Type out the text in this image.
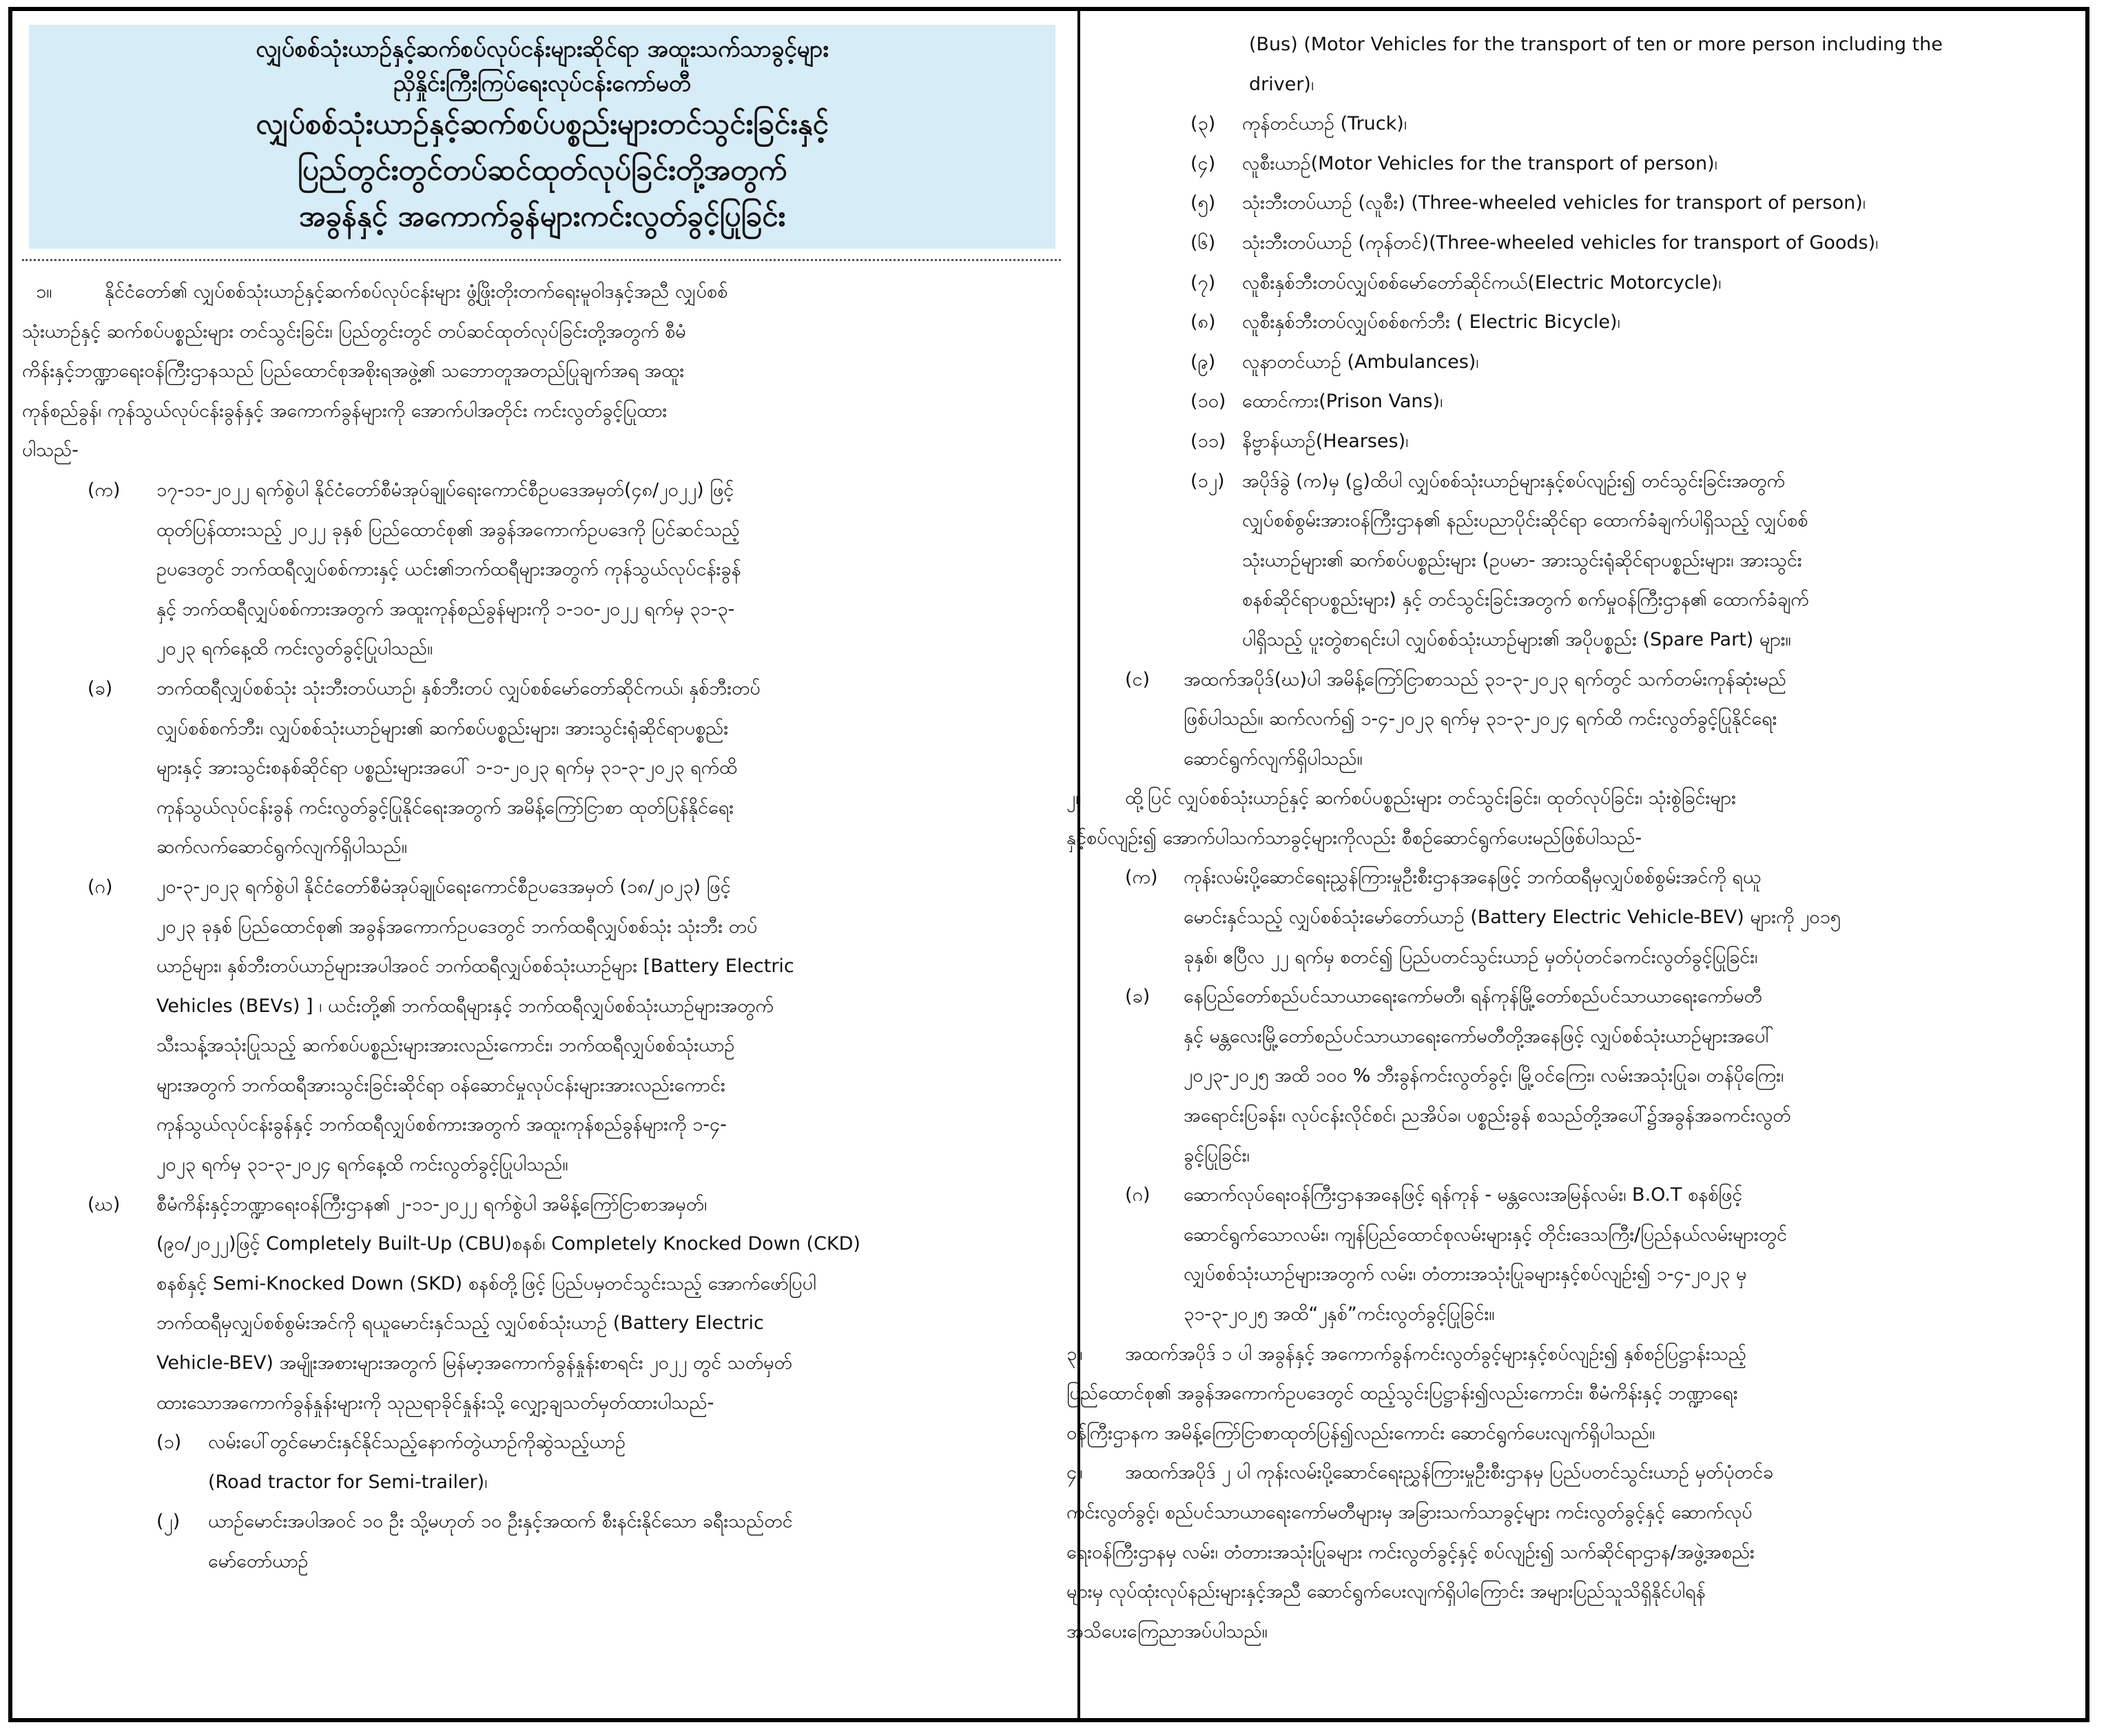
လျှပ်စစ်သုံးယာဉ်နှင့်ဆက်စပ်လုပ်ငန်းများဆိုင်ရာ အထူးသက်သာခွင့်များ
ညှိနှိုင်းကြီးကြပ်ရေးလုပ်ငန်းကော်မတီ
လျှပ်စစ်သုံးယာဉ်နှင့်ဆက်စပ်ပစ္စည်းများတင်သွင်းခြင်းနှင့်
ပြည်တွင်းတွင်တပ်ဆင်ထုတ်လုပ်ခြင်းတို့အတွက်
အခွန်နှင့် အကောက်ခွန်များကင်းလွတ်ခွင့်ပြုခြင်း
၁။	နိုင်ငံတော်၏ လျှပ်စစ်သုံးယာဉ်နှင့်ဆက်စပ်လုပ်ငန်းများ ဖွံ့ဖြိုးတိုးတက်ရေးမူဝါဒနှင့်အညီ လျှပ်စစ်
သုံးယာဉ်နှင့် ဆက်စပ်ပစ္စည်းများ တင်သွင်းခြင်း၊ ပြည်တွင်းတွင် တပ်ဆင်ထုတ်လုပ်ခြင်းတို့အတွက် စီမံ
ကိန်းနှင့်ဘဏ္ဍာရေးဝန်ကြီးဌာနသည် ပြည်ထောင်စုအစိုးရအဖွဲ့၏ သဘောတူအတည်ပြုချက်အရ အထူး
ကုန်စည်ခွန်၊ ကုန်သွယ်လုပ်ငန်းခွန်နှင့် အကောက်ခွန်များကို အောက်ပါအတိုင်း ကင်းလွတ်ခွင့်ပြုထား
ပါသည်-
(က) ၁၇-၁၁-၂၀၂၂ ရက်စွဲပါ နိုင်ငံတော်စီမံအုပ်ချုပ်ရေးကောင်စီဥပဒေအမှတ်(၄၈/၂၀၂၂) ဖြင့်
ထုတ်ပြန်ထားသည့် ၂၀၂၂ ခုနှစ် ပြည်ထောင်စု၏ အခွန်အကောက်ဥပဒေကို ပြင်ဆင်သည့်
ဥပဒေတွင် ဘက်ထရီလျှပ်စစ်ကားနှင့် ယင်း၏ဘက်ထရီများအတွက် ကုန်သွယ်လုပ်ငန်းခွန်
နှင့် ဘက်ထရီလျှပ်စစ်ကားအတွက် အထူးကုန်စည်ခွန်များကို ၁-၁၀-၂၀၂၂ ရက်မှ ၃၁-၃-
၂၀၂၃ ရက်နေ့ထိ ကင်းလွတ်ခွင့်ပြုပါသည်။
(ခ) ဘက်ထရီလျှပ်စစ်သုံး သုံးဘီးတပ်ယာဉ်၊ နှစ်ဘီးတပ် လျှပ်စစ်မော်တော်ဆိုင်ကယ်၊ နှစ်ဘီးတပ်
လျှပ်စစ်စက်ဘီး၊ လျှပ်စစ်သုံးယာဉ်များ၏ ဆက်စပ်ပစ္စည်းများ၊ အားသွင်းရုံဆိုင်ရာပစ္စည်း
များနှင့် အားသွင်းစနစ်ဆိုင်ရာ ပစ္စည်းများအပေါ် ၁-၁-၂၀၂၃ ရက်မှ ၃၁-၃-၂၀၂၃ ရက်ထိ
ကုန်သွယ်လုပ်ငန်းခွန် ကင်းလွတ်ခွင့်ပြုနိုင်ရေးအတွက် အမိန့်ကြော်ငြာစာ ထုတ်ပြန်နိုင်ရေး
ဆက်လက်ဆောင်ရွက်လျက်ရှိပါသည်။
(ဂ) ၂၀-၃-၂၀၂၃ ရက်စွဲပါ နိုင်ငံတော်စီမံအုပ်ချုပ်ရေးကောင်စီဥပဒေအမှတ် (၁၈/၂၀၂၃) ဖြင့်
၂၀၂၃ ခုနှစ် ပြည်ထောင်စု၏ အခွန်အကောက်ဥပဒေတွင် ဘက်ထရီလျှပ်စစ်သုံး သုံးဘီး တပ်
ယာဉ်များ၊ နှစ်ဘီးတပ်ယာဉ်များအပါအဝင် ဘက်ထရီလျှပ်စစ်သုံးယာဉ်များ [Battery Electric
Vehicles (BEVs) ] ၊ ယင်းတို့၏ ဘက်ထရီများနှင့် ဘက်ထရီလျှပ်စစ်သုံးယာဉ်များအတွက်
သီးသန့်အသုံးပြုသည့် ဆက်စပ်ပစ္စည်းများအားလည်းကောင်း၊ ဘက်ထရီလျှပ်စစ်သုံးယာဉ်
များအတွက် ဘက်ထရီအားသွင်းခြင်းဆိုင်ရာ ဝန်ဆောင်မှုလုပ်ငန်းများအားလည်းကောင်း
ကုန်သွယ်လုပ်ငန်းခွန်နှင့် ဘက်ထရီလျှပ်စစ်ကားအတွက် အထူးကုန်စည်ခွန်များကို ၁-၄-
၂၀၂၃ ရက်မှ ၃၁-၃-၂၀၂၄ ရက်နေ့ထိ ကင်းလွတ်ခွင့်ပြုပါသည်။
(ဃ) စီမံကိန်းနှင့်ဘဏ္ဍာရေးဝန်ကြီးဌာန၏ ၂-၁၁-၂၀၂၂ ရက်စွဲပါ အမိန့်ကြော်ငြာစာအမှတ်၊
(၉၀/၂၀၂၂)ဖြင့် Completely Built-Up (CBU)စနစ်၊ Completely Knocked Down (CKD)
စနစ်နှင့် Semi-Knocked Down (SKD) စနစ်တို့ဖြင့် ပြည်ပမှတင်သွင်းသည့် အောက်ဖော်ပြပါ
ဘက်ထရီမှလျှပ်စစ်စွမ်းအင်ကို ရယူမောင်းနှင်သည့် လျှပ်စစ်သုံးယာဉ် (Battery Electric
Vehicle-BEV) အမျိုးအစားများအတွက် မြန်မာ့အကောက်ခွန်နှုန်းစာရင်း ၂၀၂၂ တွင် သတ်မှတ်
ထားသောအကောက်ခွန်နှုန်းများကို သုညရာခိုင်နှုန်းသို့ လျှော့ချသတ်မှတ်ထားပါသည်-
(၁) လမ်းပေါ်တွင်မောင်းနှင်နိုင်သည့်နောက်တွဲယာဉ်ကိုဆွဲသည့်ယာဉ်
(Road tractor for Semi-trailer)၊
(၂) ယာဉ်မောင်းအပါအဝင် ၁၀ ဦး သို့မဟုတ် ၁၀ ဦးနှင့်အထက် စီးနင်းနိုင်သော ခရီးသည်တင်
မော်တော်ယာဉ်
(Bus) (Motor Vehicles for the transport of ten or more person including the
driver)၊
(၃) ကုန်တင်ယာဉ် (Truck)၊
(၄) လူစီးယာဉ်(Motor Vehicles for the transport of person)၊
(၅) သုံးဘီးတပ်ယာဉ် (လူစီး) (Three-wheeled vehicles for transport of person)၊
(၆) သုံးဘီးတပ်ယာဉ် (ကုန်တင်)(Three-wheeled vehicles for transport of Goods)၊
(၇) လူစီးနှစ်ဘီးတပ်လျှပ်စစ်မော်တော်ဆိုင်ကယ်(Electric Motorcycle)၊
(၈) လူစီးနှစ်ဘီးတပ်လျှပ်စစ်စက်ဘီး ( Electric Bicycle)၊
(၉) လူနာတင်ယာဉ် (Ambulances)၊
(၁၀) ထောင်ကား(Prison Vans)၊
(၁၁) နိဗ္ဗာန်ယာဉ်(Hearses)၊
(၁၂) အပိုဒ်ခွဲ (က)မှ (ဠ)ထိပါ လျှပ်စစ်သုံးယာဉ်များနှင့်စပ်လျဉ်း၍ တင်သွင်းခြင်းအတွက်
လျှပ်စစ်စွမ်းအားဝန်ကြီးဌာန၏ နည်းပညာပိုင်းဆိုင်ရာ ထောက်ခံချက်ပါရှိသည့် လျှပ်စစ်
သုံးယာဉ်များ၏ ဆက်စပ်ပစ္စည်းများ (ဥပမာ- အားသွင်းရုံဆိုင်ရာပစ္စည်းများ၊ အားသွင်း
စနစ်ဆိုင်ရာပစ္စည်းများ) နှင့် တင်သွင်းခြင်းအတွက် စက်မှုဝန်ကြီးဌာန၏ ထောက်ခံချက်
ပါရှိသည့် ပူးတွဲစာရင်းပါ လျှပ်စစ်သုံးယာဉ်များ၏ အပိုပစ္စည်း (Spare Part) များ။
(င) အထက်အပိုဒ်(ဃ)ပါ အမိန့်ကြော်ငြာစာသည် ၃၁-၃-၂၀၂၃ ရက်တွင် သက်တမ်းကုန်ဆုံးမည်
ဖြစ်ပါသည်။ ဆက်လက်၍ ၁-၄-၂၀၂၃ ရက်မှ ၃၁-၃-၂၀၂၄ ရက်ထိ ကင်းလွတ်ခွင့်ပြုနိုင်ရေး
ဆောင်ရွက်လျက်ရှိပါသည်။
၂။ ထို့ပြင် လျှပ်စစ်သုံးယာဉ်နှင့် ဆက်စပ်ပစ္စည်းများ တင်သွင်းခြင်း၊ ထုတ်လုပ်ခြင်း၊ သုံးစွဲခြင်းများ
နှင့်စပ်လျဉ်း၍ အောက်ပါသက်သာခွင့်များကိုလည်း စီစဉ်ဆောင်ရွက်ပေးမည်ဖြစ်ပါသည်-
(က) ကုန်းလမ်းပို့ဆောင်ရေးညွှန်ကြားမှုဦးစီးဌာနအနေဖြင့် ဘက်ထရီမှလျှပ်စစ်စွမ်းအင်ကို ရယူ
မောင်းနှင်သည့် လျှပ်စစ်သုံးမော်တော်ယာဉ် (Battery Electric Vehicle-BEV) များကို ၂၀၁၅
ခုနှစ်၊ ဧပြီလ ၂၂ ရက်မှ စတင်၍ ပြည်ပတင်သွင်းယာဉ် မှတ်ပုံတင်ခကင်းလွတ်ခွင့်ပြုခြင်း၊
(ခ) နေပြည်တော်စည်ပင်သာယာရေးကော်မတီ၊ ရန်ကုန်မြို့တော်စည်ပင်သာယာရေးကော်မတီ
နှင့် မန္တလေးမြို့တော်စည်ပင်သာယာရေးကော်မတီတို့အနေဖြင့် လျှပ်စစ်သုံးယာဉ်များအပေါ်
၂၀၂၃-၂၀၂၅ အထိ ၁၀၀ % ဘီးခွန်ကင်းလွတ်ခွင့်၊ မြို့ဝင်ကြေး၊ လမ်းအသုံးပြုခ၊ တန်ပိုကြေး၊
အရောင်းပြခန်း၊ လုပ်ငန်းလိုင်စင်၊ ညအိပ်ခ၊ ပစ္စည်းခွန် စသည်တို့အပေါ်၌အခွန်အခကင်းလွတ်
ခွင့်ပြုခြင်း၊
(ဂ) ဆောက်လုပ်ရေးဝန်ကြီးဌာနအနေဖြင့် ရန်ကုန် - မန္တလေးအမြန်လမ်း၊ B.O.T စနစ်ဖြင့်
ဆောင်ရွက်သောလမ်း၊ ကျန်ပြည်ထောင်စုလမ်းများနှင့် တိုင်းဒေသကြီး/ပြည်နယ်လမ်းများတွင်
လျှပ်စစ်သုံးယာဉ်များအတွက် လမ်း၊ တံတားအသုံးပြုခများနှင့်စပ်လျဉ်း၍ ၁-၄-၂၀၂၃ မှ
၃၁-၃-၂၀၂၅ အထိ“၂နှစ်”ကင်းလွတ်ခွင့်ပြုခြင်း။
၃။ အထက်အပိုဒ် ၁ ပါ အခွန်နှင့် အကောက်ခွန်ကင်းလွတ်ခွင့်များနှင့်စပ်လျဉ်း၍ နှစ်စဉ်ပြဋ္ဌာန်းသည့်
ပြည်ထောင်စု၏ အခွန်အကောက်ဥပဒေတွင် ထည့်သွင်းပြဋ္ဌာန်း၍လည်းကောင်း၊ စီမံကိန်းနှင့် ဘဏ္ဍာရေး
ဝန်ကြီးဌာနက အမိန့်ကြော်ငြာစာထုတ်ပြန်၍လည်းကောင်း ဆောင်ရွက်ပေးလျက်ရှိပါသည်။
၄။ အထက်အပိုဒ် ၂ ပါ ကုန်းလမ်းပို့ဆောင်ရေးညွှန်ကြားမှုဦးစီးဌာနမှ ပြည်ပတင်သွင်းယာဉ် မှတ်ပုံတင်ခ
ကင်းလွတ်ခွင့်၊ စည်ပင်သာယာရေးကော်မတီများမှ အခြားသက်သာခွင့်များ ကင်းလွတ်ခွင့်နှင့် ဆောက်လုပ်
ရေးဝန်ကြီးဌာနမှ လမ်း၊ တံတားအသုံးပြုခများ ကင်းလွတ်ခွင့်နှင့် စပ်လျဉ်း၍ သက်ဆိုင်ရာဌာန/အဖွဲ့အစည်း
များမှ လုပ်ထုံးလုပ်နည်းများနှင့်အညီ ဆောင်ရွက်ပေးလျက်ရှိပါကြောင်း အများပြည်သူသိရှိနိုင်ပါရန်
အသိပေးကြေညာအပ်ပါသည်။
